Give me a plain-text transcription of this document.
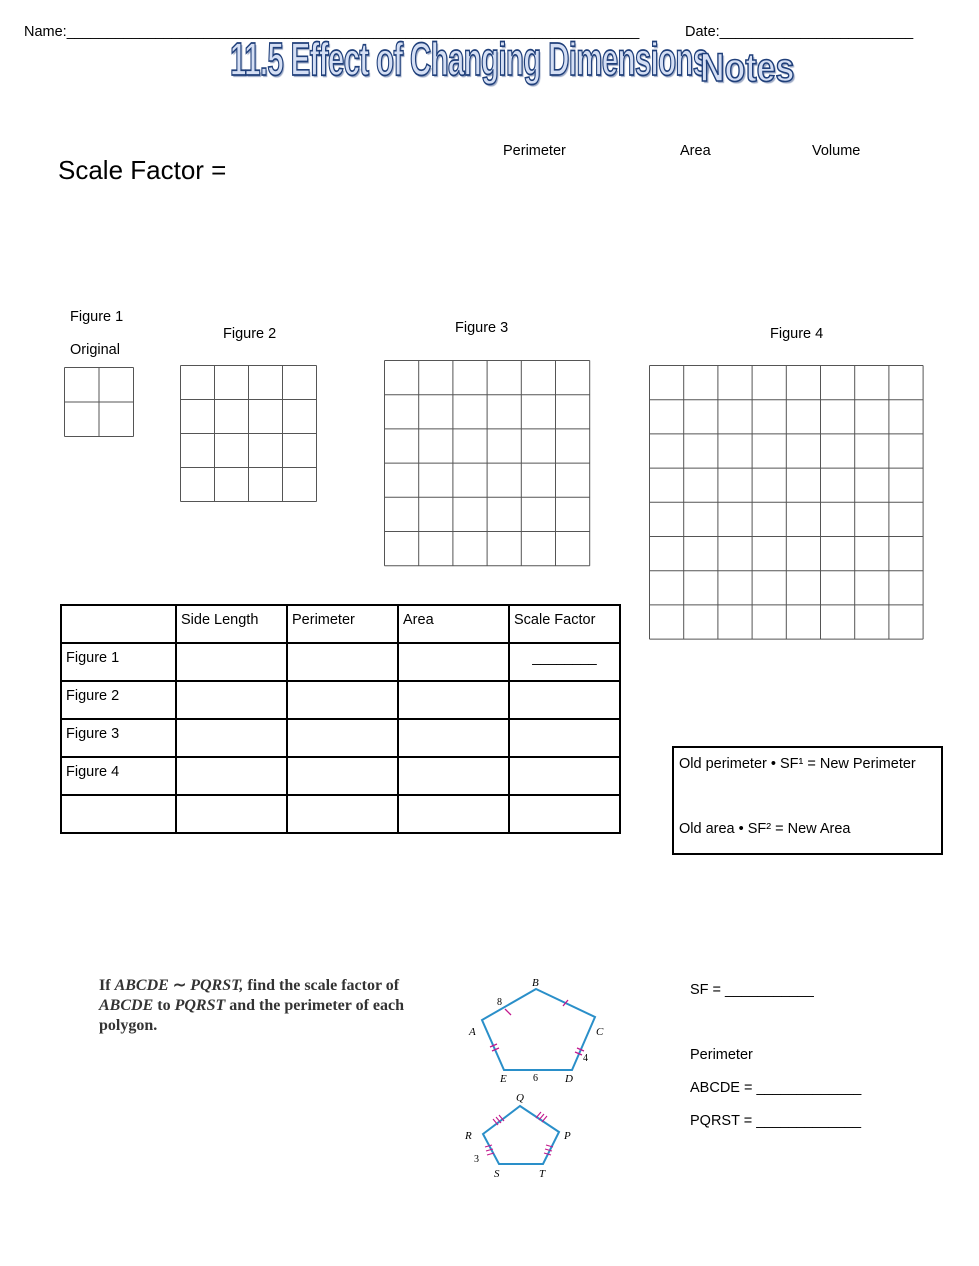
Name:_______________________________________________________________________	Date:________________________
11.5 Effect of Changing Dimensions
Notes
Scale Factor =
Perimeter	Area	Volume
Figure 1
Original
Figure 2	Figure 3	Figure 4
	Side Length	Perimeter	Area	Scale Factor
Figure 1				________
Figure 2				
Figure 3				
Figure 4				
					Old perimeter • SF¹ = New Perimeter
Old area • SF² = New Area
If ABCDE ∼ PQRST, find the scale factor of ABCDE to PQRST and the perimeter of each polygon.
B
C
D
E
A
8
4
6
Q
P
T
S
R
3
SF = ___________
Perimeter
ABCDE = _____________
PQRST = _____________
